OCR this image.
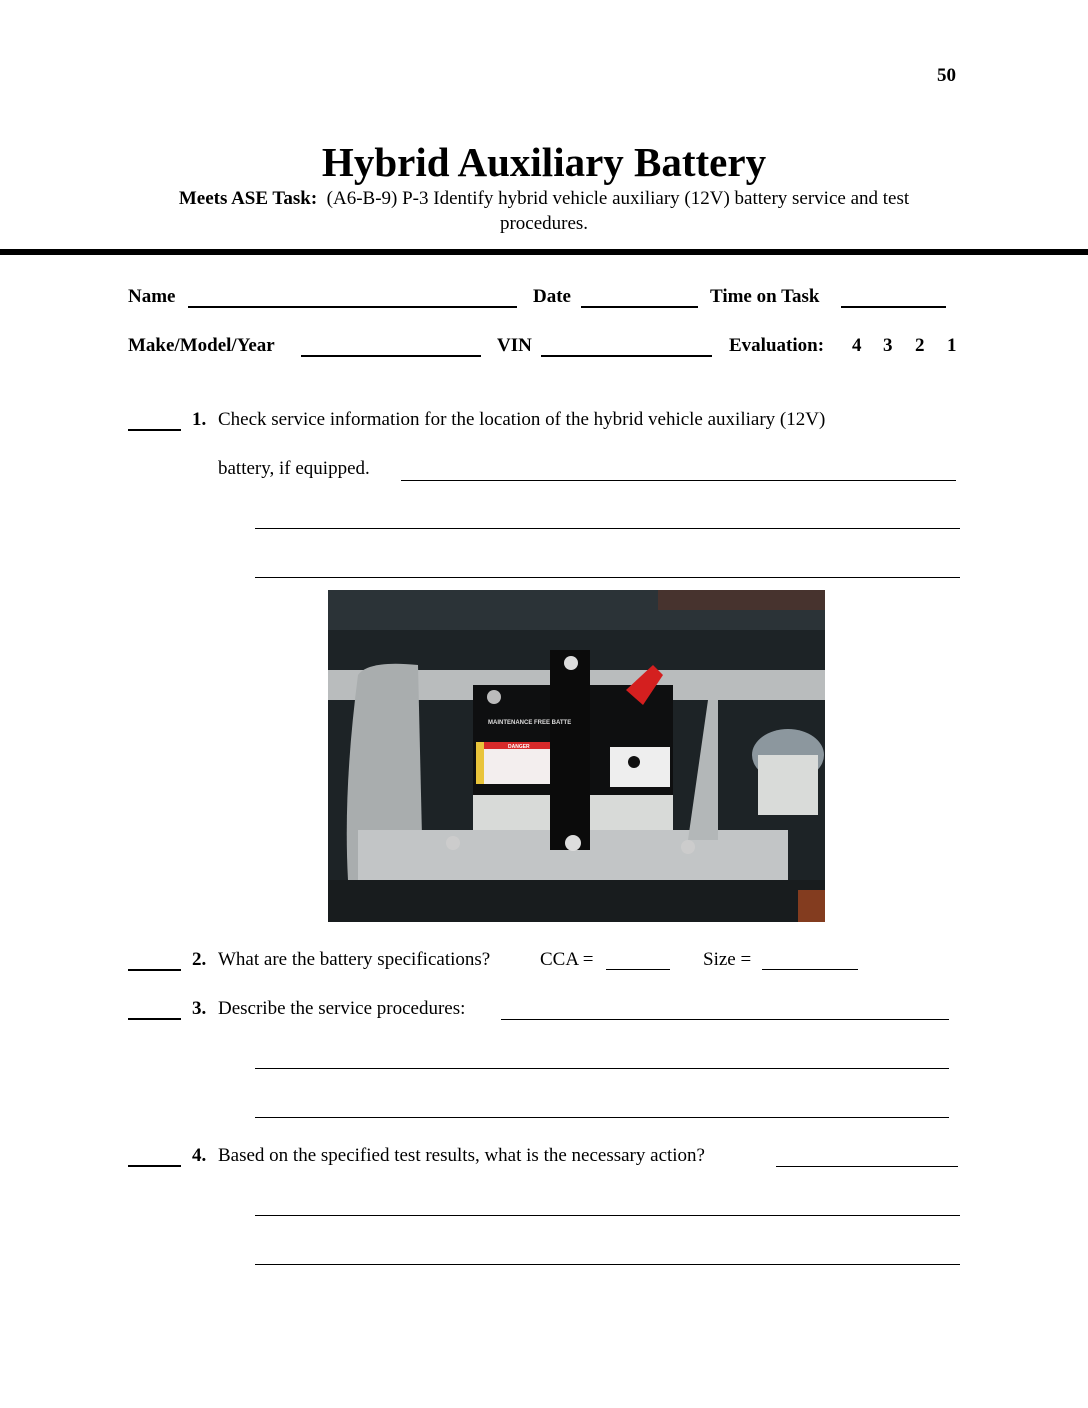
50
Hybrid Auxiliary Battery
Meets ASE Task: (A6-B-9) P-3 Identify hybrid vehicle auxiliary (12V) battery service and test
procedures.
Name	Date	Time on Task
Make/Model/Year	VIN	Evaluation: 4 3 2 1
1. Check service information for the location of the hybrid vehicle auxiliary (12V)
battery, if equipped.
MAINTENANCE FREE BATTE
DANGER
2. What are the battery specifications?	CCA =	Size =
3. Describe the service procedures:
4. Based on the specified test results, what is the necessary action?
